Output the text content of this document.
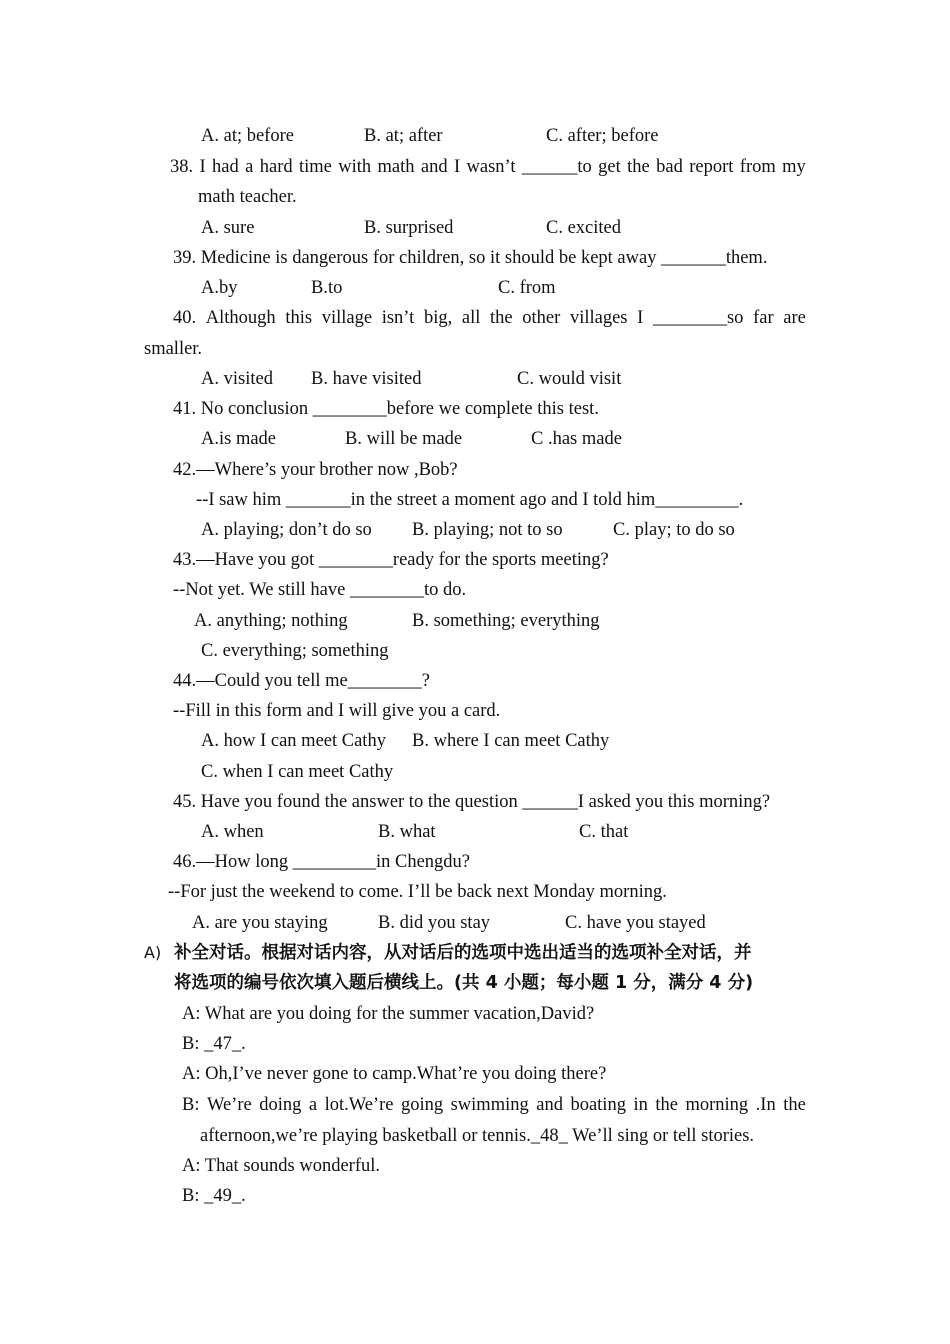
A. at; before	B. at; after	C. after; before
38. I had a hard time with math and I wasn’t ______to get the bad report from my
math teacher.
A. sure	B. surprised	C. excited
39. Medicine is dangerous for children, so it should be kept away _______them.
A.by	B.to	C. from
40. Although this village isn’t big, all the other villages I ________so far are
smaller.
A. visited B. have visited	C. would visit
41. No conclusion ________before we complete this test.
A.is made	B. will be made	C .has made
42.—Where’s your brother now ,Bob?
--I saw him _______in the street a moment ago and I told him_________.
A. playing; don’t do so B. playing; not to so	C. play; to do so
43.—Have you got ________ready for the sports meeting?
--Not yet. We still have ________to do.
A. anything; nothing	B. something; everything
C. everything; something
44.—Could you tell me________?
--Fill in this form and I will give you a card.
A. how I can meet Cathy B. where I can meet Cathy
C. when I can meet Cathy
45. Have you found the answer to the question ______I asked you this morning?
A. when	B. what	C. that
46.—How long _________in Chengdu?
--For just the weekend to come. I’ll be back next Monday morning.
A. are you staying	B. did you stay	C. have you stayed
A) 补全对话。根据对话内容，从对话后的选项中选出适当的选项补全对话，并
将选项的编号依次填入题后横线上。(共 4 小题；每小题 1 分，满分 4 分)
A: What are you doing for the summer vacation,David?
B: _47_.
A: Oh,I’ve never gone to camp.What’re you doing there?
B: We’re doing a lot.We’re going swimming and boating in the morning .In the
afternoon,we’re playing basketball or tennis._48_ We’ll sing or tell stories.
A: That sounds wonderful.
B: _49_.
